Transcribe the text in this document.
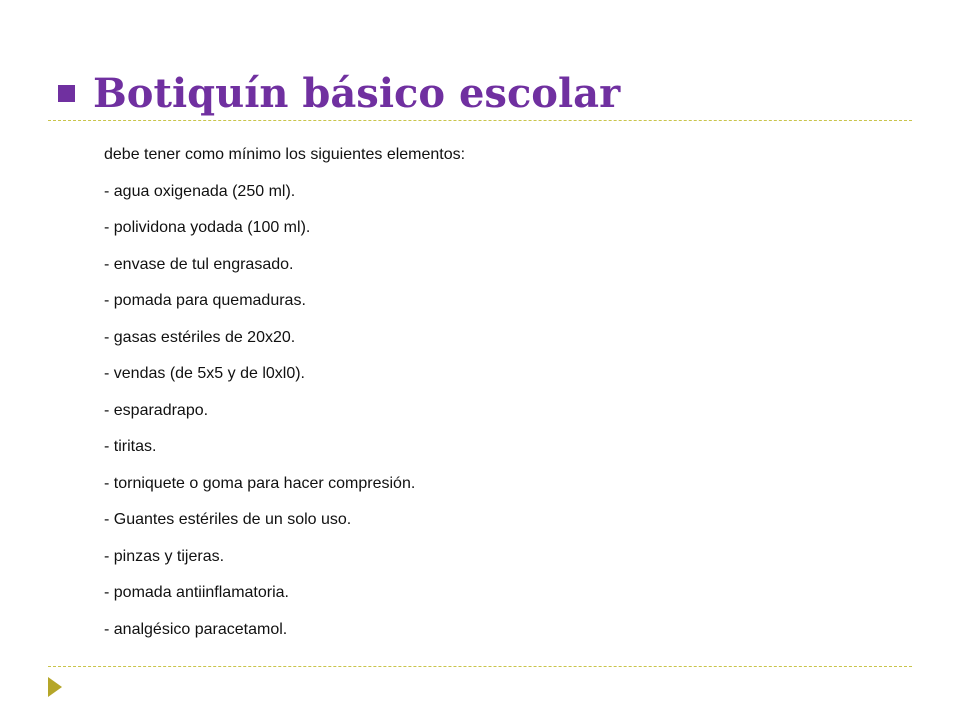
Botiquín básico escolar
debe tener como mínimo los siguientes elementos:
- agua oxigenada (250 ml).
- polividona yodada (100 ml).
- envase de tul engrasado.
- pomada para quemaduras.
- gasas estériles de 20x20.
- vendas (de 5x5 y de l0xl0).
- esparadrapo.
- tiritas.
- torniquete o goma para hacer compresión.
- Guantes estériles de un solo uso.
- pinzas y tijeras.
- pomada antiinflamatoria.
- analgésico paracetamol.
